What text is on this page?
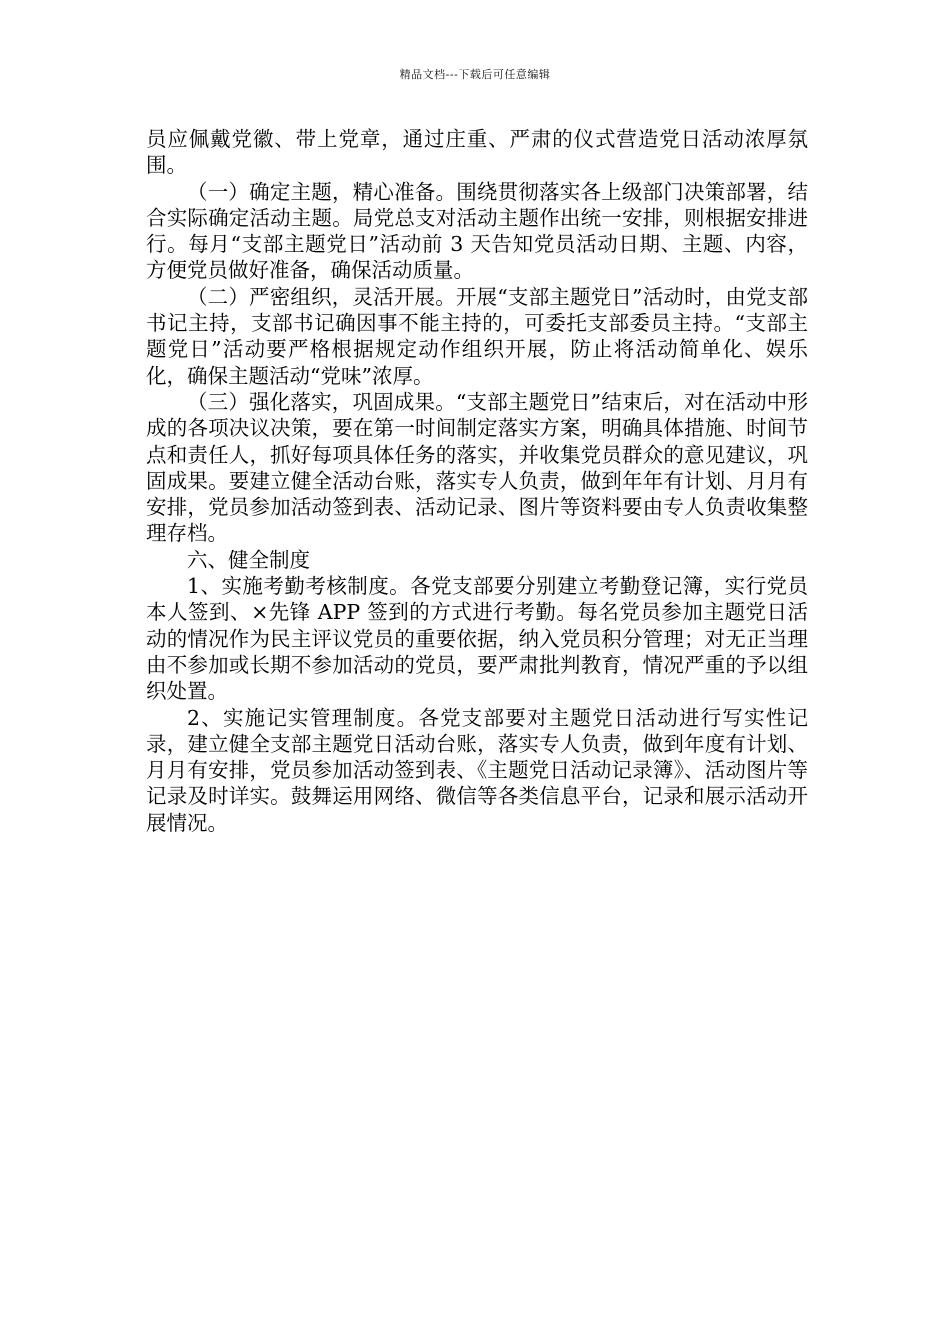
精品文档---下载后可任意编辑

员应佩戴党徽、带上党章，通过庄重、严肃的仪式营造党日活动浓厚氛围。

（一）确定主题，精心准备。围绕贯彻落实各上级部门决策部署，结合实际确定活动主题。局党总支对活动主题作出统一安排，则根据安排进行。每月“支部主题党日”活动前 3 天告知党员活动日期、主题、内容，方便党员做好准备，确保活动质量。

（二）严密组织，灵活开展。开展“支部主题党日”活动时，由党支部书记主持，支部书记确因事不能主持的，可委托支部委员主持。“支部主题党日”活动要严格根据规定动作组织开展，防止将活动简单化、娱乐化，确保主题活动“党味”浓厚。

（三）强化落实，巩固成果。“支部主题党日”结束后，对在活动中形成的各项决议决策，要在第一时间制定落实方案，明确具体措施、时间节点和责任人，抓好每项具体任务的落实，并收集党员群众的意见建议，巩固成果。要建立健全活动台账，落实专人负责，做到年年有计划、月月有安排，党员参加活动签到表、活动记录、图片等资料要由专人负责收集整理存档。

六、健全制度

1、实施考勤考核制度。各党支部要分别建立考勤登记簿，实行党员本人签到、×先锋 APP 签到的方式进行考勤。每名党员参加主题党日活动的情况作为民主评议党员的重要依据，纳入党员积分管理；对无正当理由不参加或长期不参加活动的党员，要严肃批判教育，情况严重的予以组织处置。

2、实施记实管理制度。各党支部要对主题党日活动进行写实性记录，建立健全支部主题党日活动台账，落实专人负责，做到年度有计划、月月有安排，党员参加活动签到表、《主题党日活动记录簿》、活动图片等记录及时详实。鼓舞运用网络、微信等各类信息平台，记录和展示活动开展情况。
